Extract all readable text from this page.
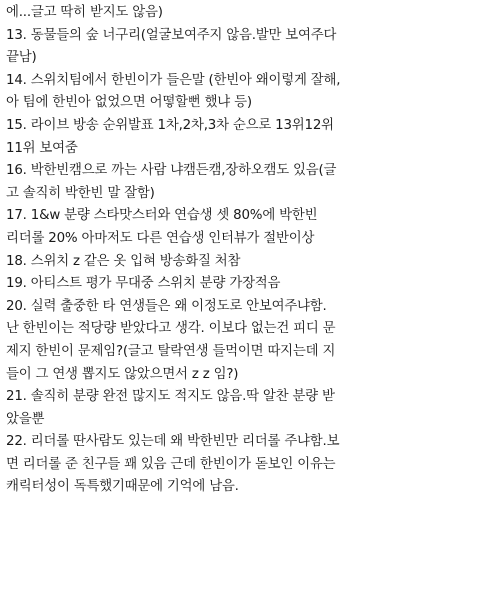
에...글고 딱히 받지도 않음)
13. 동물들의 숲 너구리(얼굴보여주지 않음.발만 보여주다
끝남)
14. 스위치팀에서 한빈이가 들은말 (한빈아 왜이렇게 잘해,
아 팀에 한빈아 없었으면 어떻할뻔 했냐 등)
15. 라이브 방송 순위발표 1차,2차,3차 순으로 13위12위
11위 보여줌
16. 박한빈캠으로 까는 사람 냐캠든캠,장하오캠도 있음(글
고 솔직히 박한빈 말 잘함)
17. 1&w 분량 스타맛스터와 연습생 셋 80%에 박한빈
리더롤 20% 아마저도 다른 연습생 인터뷰가 절반이상
18. 스위치 z 같은 옷 입혀 방송화질 처참
19. 아티스트 평가 무대중 스위치 분량 가장적음
20. 실력 출중한 타 연생들은 왜 이정도로 안보여주냐함.
난 한빈이는 적당량 받았다고 생각. 이보다 없는건 피디 문
제지 한빈이 문제임?(글고 탈락연생 들먹이면 따지는데 지
들이 그 연생 뽑지도 않았으면서 z z 임?)
21. 솔직히 분량 완전 많지도 적지도 않음.딱 알찬 분량 받
았을뿐
22. 리더롤 딴사람도 있는데 왜 박한빈만 리더롤 주냐함.보
면 리더롤 준 친구들 꽤 있음 근데 한빈이가 돋보인 이유는
캐릭터성이 독특했기때문에 기억에 남음.
